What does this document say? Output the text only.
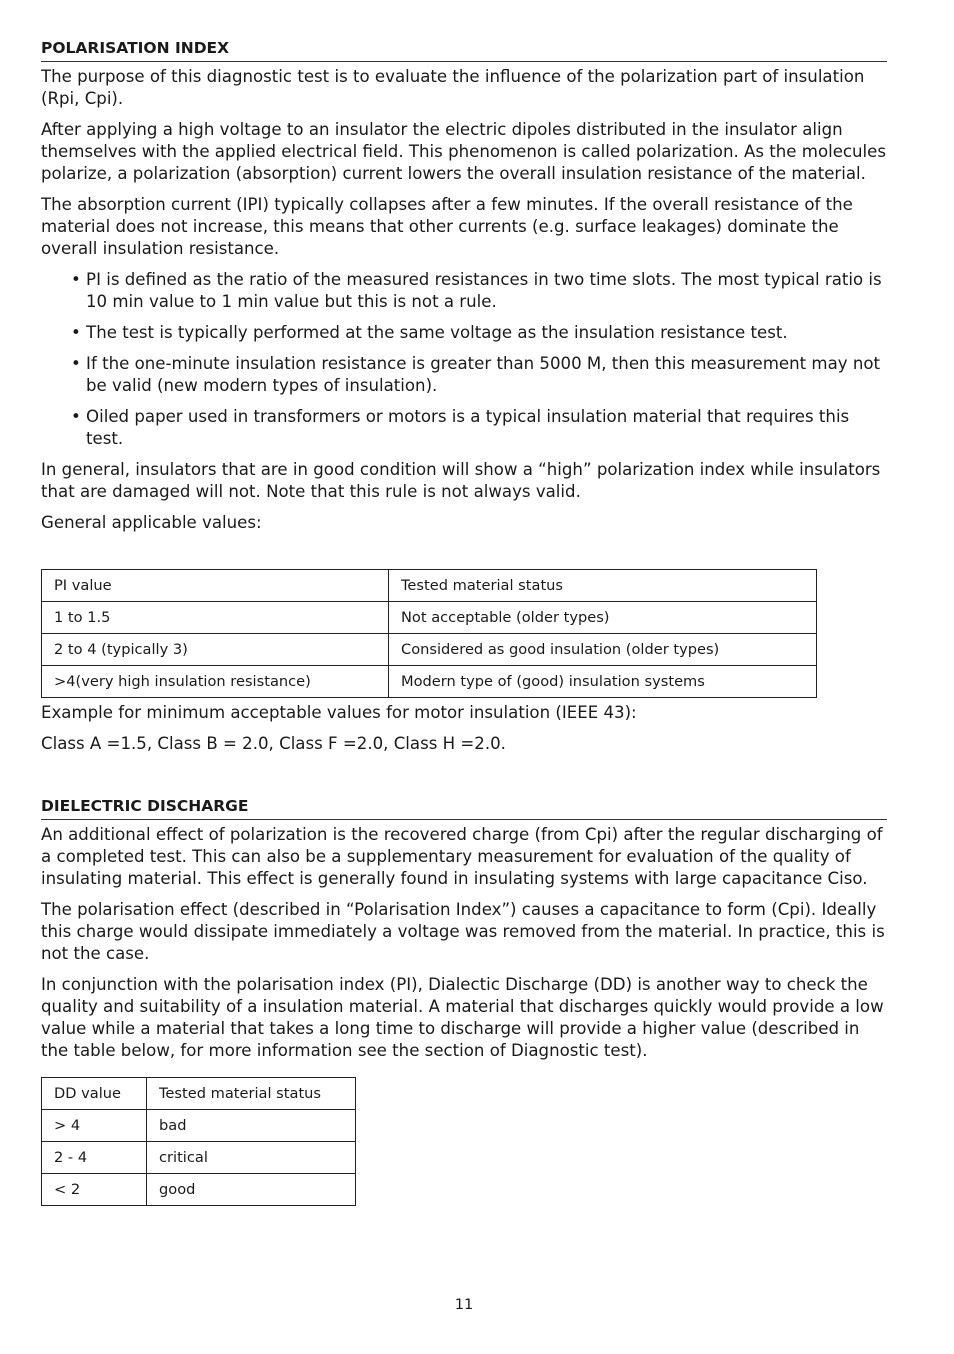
POLARISATION INDEX

The purpose of this diagnostic test is to evaluate the influence of the polarization part of insulation (Rpi, Cpi).

After applying a high voltage to an insulator the electric dipoles distributed in the insulator align themselves with the applied electrical field. This phenomenon is called polarization. As the molecules polarize, a polarization (absorption) current lowers the overall insulation resistance of the material.

The absorption current (IPI) typically collapses after a few minutes. If the overall resistance of the material does not increase, this means that other currents (e.g. surface leakages) dominate the overall insulation resistance.

• PI is defined as the ratio of the measured resistances in two time slots. The most typical ratio is 10 min value to 1 min value but this is not a rule.
• The test is typically performed at the same voltage as the insulation resistance test.
• If the one-minute insulation resistance is greater than 5000 M, then this measurement may not be valid (new modern types of insulation).
• Oiled paper used in transformers or motors is a typical insulation material that requires this test.

In general, insulators that are in good condition will show a “high” polarization index while insulators that are damaged will not. Note that this rule is not always valid.

General applicable values:

PI value	Tested material status
1 to 1.5	Not acceptable (older types)
2 to 4 (typically 3)	Considered as good insulation (older types)
>4(very high insulation resistance)	Modern type of (good) insulation systems

Example for minimum acceptable values for motor insulation (IEEE 43):

Class A =1.5, Class B = 2.0, Class F =2.0, Class H =2.0.

DIELECTRIC DISCHARGE

An additional effect of polarization is the recovered charge (from Cpi) after the regular discharging of a completed test. This can also be a supplementary measurement for evaluation of the quality of insulating material. This effect is generally found in insulating systems with large capacitance Ciso.

The polarisation effect (described in “Polarisation Index”) causes a capacitance to form (Cpi). Ideally this charge would dissipate immediately a voltage was removed from the material. In practice, this is not the case.

In conjunction with the polarisation index (PI), Dialectic Discharge (DD) is another way to check the quality and suitability of a insulation material. A material that discharges quickly would provide a low value while a material that takes a long time to discharge will provide a higher value (described in the table below, for more information see the section of Diagnostic test).

DD value	Tested material status
> 4	bad
2 - 4	critical
< 2	good
11
